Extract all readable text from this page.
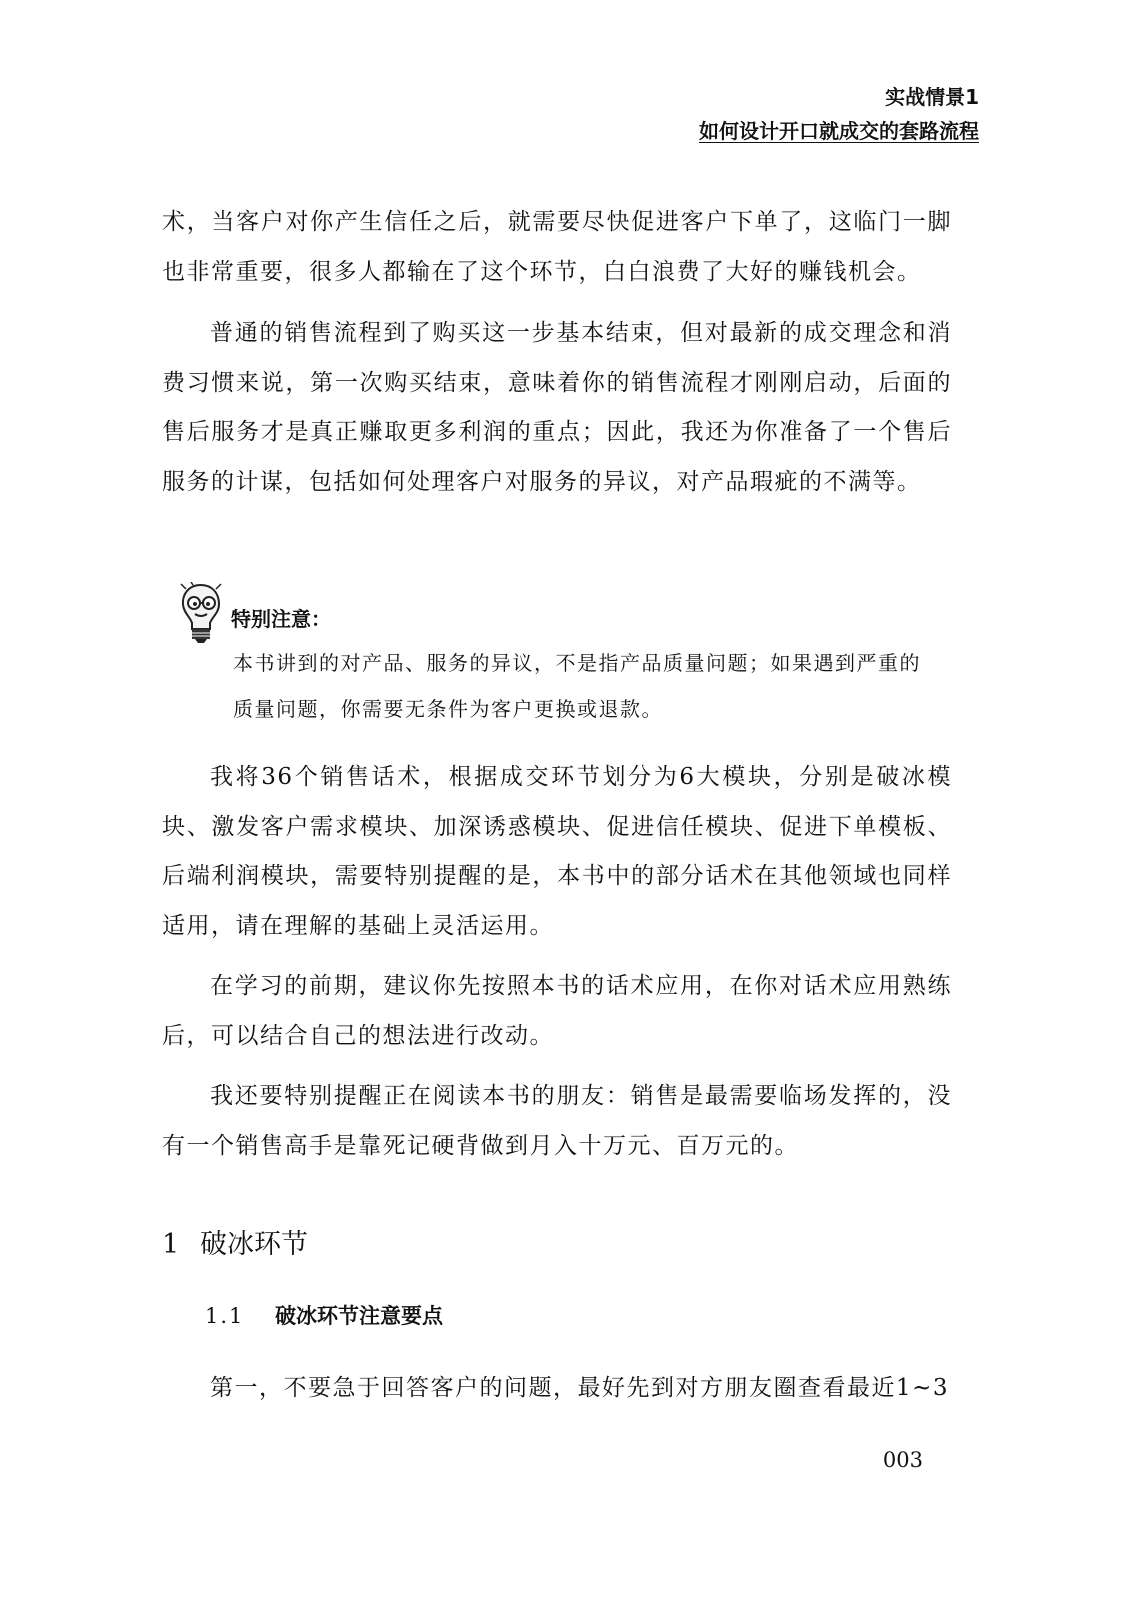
实战情景1
如何设计开口就成交的套路流程

术，当客户对你产生信任之后，就需要尽快促进客户下单了，这临门一脚也非常重要，很多人都输在了这个环节，白白浪费了大好的赚钱机会。

普通的销售流程到了购买这一步基本结束，但对最新的成交理念和消费习惯来说，第一次购买结束，意味着你的销售流程才刚刚启动，后面的售后服务才是真正赚取更多利润的重点；因此，我还为你准备了一个售后服务的计谋，包括如何处理客户对服务的异议，对产品瑕疵的不满等。

特别注意：

本书讲到的对产品、服务的异议，不是指产品质量问题；如果遇到严重的质量问题，你需要无条件为客户更换或退款。

我将36个销售话术，根据成交环节划分为6大模块，分别是破冰模块、激发客户需求模块、加深诱惑模块、促进信任模块、促进下单模板、后端利润模块，需要特别提醒的是，本书中的部分话术在其他领域也同样适用，请在理解的基础上灵活运用。

在学习的前期，建议你先按照本书的话术应用，在你对话术应用熟练后，可以结合自己的想法进行改动。

我还要特别提醒正在阅读本书的朋友：销售是最需要临场发挥的，没有一个销售高手是靠死记硬背做到月入十万元、百万元的。

1 破冰环节
1.1 破冰环节注意要点

第一，不要急于回答客户的问题，最好先到对方朋友圈查看最近1~3

003
